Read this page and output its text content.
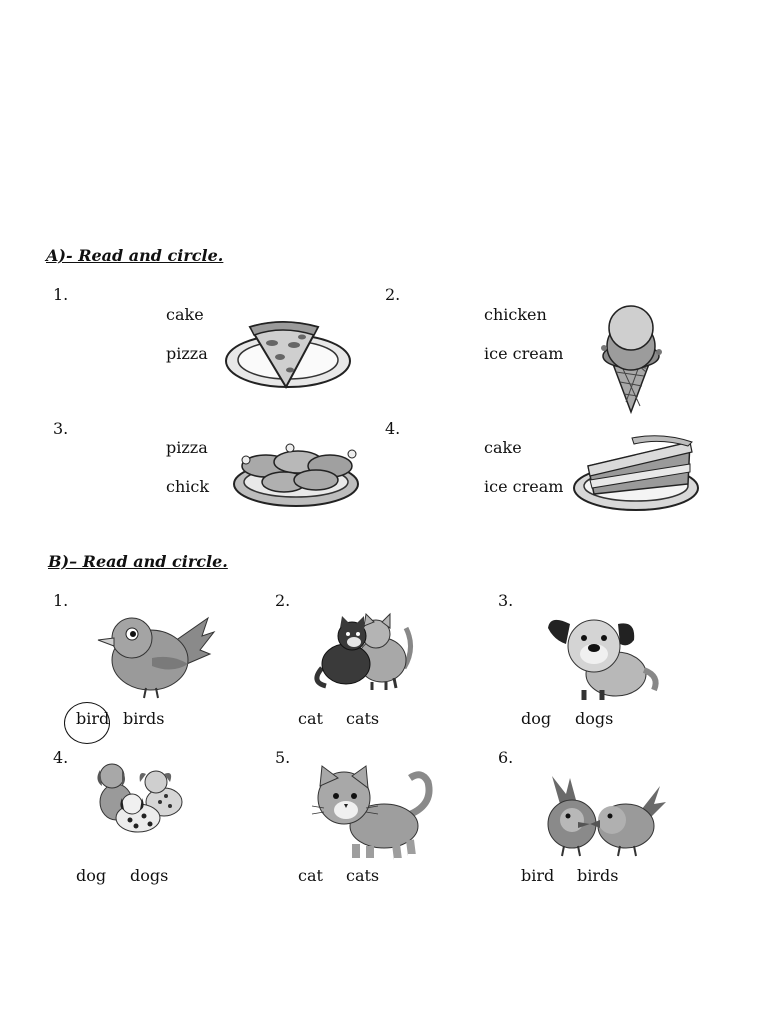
A)- Read and circle.
1.
cake
pizza
2.
chicken
ice cream
3.
pizza
chick
4.
cake
ice cream
B)– Read and circle.
1.
bird birds
2.
cat cats
3.
dog dogs
4.
dog dogs
5.
cat cats
6.
bird birds
